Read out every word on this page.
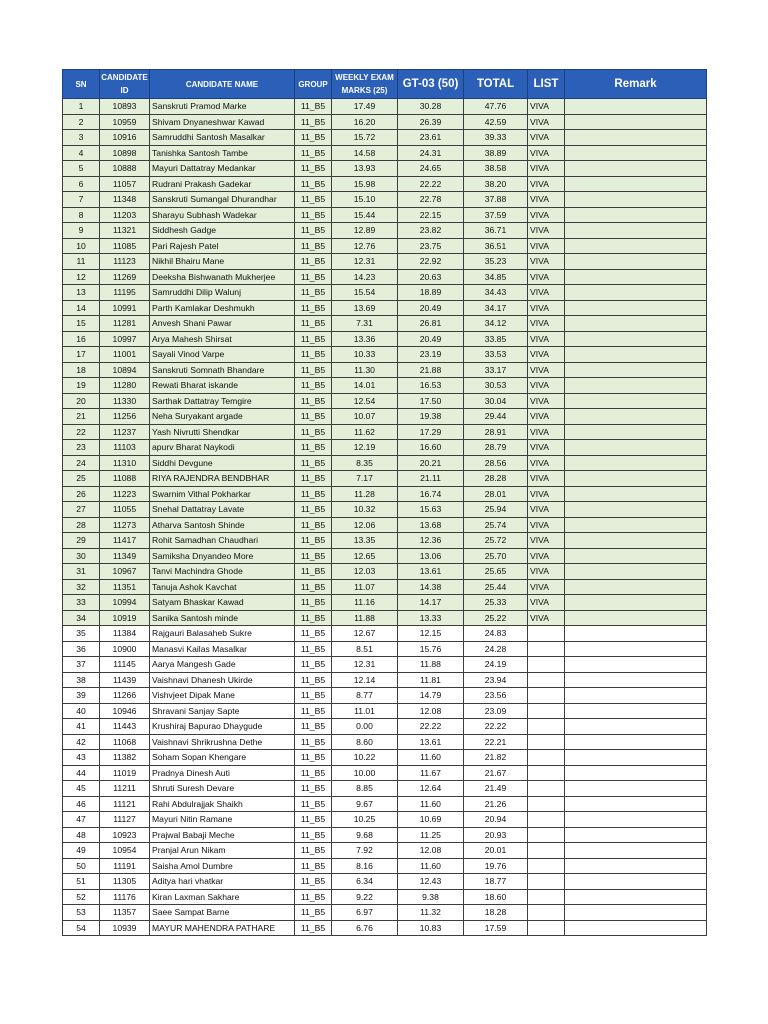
SN	CANDIDATE ID	CANDIDATE NAME	GROUP	WEEKLY EXAM MARKS (25)	GT-03 (50)	TOTAL	LIST	Remark
1	10893	Sanskruti Pramod Marke	11_B5	17.49	30.28	47.76	VIVA	
2	10959	Shivam Dnyaneshwar Kawad	11_B5	16.20	26.39	42.59	VIVA	
3	10916	Samruddhi Santosh Masalkar	11_B5	15.72	23.61	39.33	VIVA	
4	10898	Tanishka Santosh Tambe	11_B5	14.58	24.31	38.89	VIVA	
5	10888	Mayuri Dattatray Medankar	11_B5	13.93	24.65	38.58	VIVA	
6	11057	Rudrani Prakash Gadekar	11_B5	15.98	22.22	38.20	VIVA	
7	11348	Sanskruti Sumangal Dhurandhar	11_B5	15.10	22.78	37.88	VIVA	
8	11203	Sharayu Subhash Wadekar	11_B5	15.44	22.15	37.59	VIVA	
9	11321	Siddhesh Gadge	11_B5	12.89	23.82	36.71	VIVA	
10	11085	Pari Rajesh Patel	11_B5	12.76	23.75	36.51	VIVA	
11	11123	Nikhil Bhairu Mane	11_B5	12.31	22.92	35.23	VIVA	
12	11269	Deeksha Bishwanath Mukherjee	11_B5	14.23	20.63	34.85	VIVA	
13	11195	Samruddhi Dilip Walunj	11_B5	15.54	18.89	34.43	VIVA	
14	10991	Parth Kamlakar Deshmukh	11_B5	13.69	20.49	34.17	VIVA	
15	11281	Anvesh Shani Pawar	11_B5	7.31	26.81	34.12	VIVA	
16	10997	Arya Mahesh Shirsat	11_B5	13.36	20.49	33.85	VIVA	
17	11001	Sayali Vinod Varpe	11_B5	10.33	23.19	33.53	VIVA	
18	10894	Sanskruti Somnath Bhandare	11_B5	11.30	21.88	33.17	VIVA	
19	11280	Rewati Bharat iskande	11_B5	14.01	16.53	30.53	VIVA	
20	11330	Sarthak Dattatray Temgire	11_B5	12.54	17.50	30.04	VIVA	
21	11256	Neha Suryakant argade	11_B5	10.07	19.38	29.44	VIVA	
22	11237	Yash Nivrutti Shendkar	11_B5	11.62	17.29	28.91	VIVA	
23	11103	apurv Bharat Naykodi	11_B5	12.19	16.60	28.79	VIVA	
24	11310	Siddhi Devgune	11_B5	8.35	20.21	28.56	VIVA	
25	11088	RIYA RAJENDRA BENDBHAR	11_B5	7.17	21.11	28.28	VIVA	
26	11223	Swarnim Vithal Pokharkar	11_B5	11.28	16.74	28.01	VIVA	
27	11055	Snehal Dattatray Lavate	11_B5	10.32	15.63	25.94	VIVA	
28	11273	Atharva Santosh Shinde	11_B5	12.06	13.68	25.74	VIVA	
29	11417	Rohit Samadhan Chaudhari	11_B5	13.35	12.36	25.72	VIVA	
30	11349	Samiksha Dnyandeo More	11_B5	12.65	13.06	25.70	VIVA	
31	10967	Tanvi Machindra Ghode	11_B5	12.03	13.61	25.65	VIVA	
32	11351	Tanuja Ashok Kavchat	11_B5	11.07	14.38	25.44	VIVA	
33	10994	Satyam Bhaskar Kawad	11_B5	11.16	14.17	25.33	VIVA	
34	10919	Sanika Santosh minde	11_B5	11.88	13.33	25.22	VIVA	
35	11384	Rajgauri Balasaheb Sukre	11_B5	12.67	12.15	24.83		
36	10900	Manasvi Kailas Masalkar	11_B5	8.51	15.76	24.28		
37	11145	Aarya Mangesh Gade	11_B5	12.31	11.88	24.19		
38	11439	Vaishnavi Dhanesh Ukirde	11_B5	12.14	11.81	23.94		
39	11266	Vishvjeet Dipak Mane	11_B5	8.77	14.79	23.56		
40	10946	Shravani Sanjay Sapte	11_B5	11.01	12.08	23.09		
41	11443	Krushiraj Bapurao Dhaygude	11_B5	0.00	22.22	22.22		
42	11068	Vaishnavi Shrikrushna Dethe	11_B5	8.60	13.61	22.21		
43	11382	Soham Sopan Khengare	11_B5	10.22	11.60	21.82		
44	11019	Pradnya Dinesh Auti	11_B5	10.00	11.67	21.67		
45	11211	Shruti Suresh Devare	11_B5	8.85	12.64	21.49		
46	11121	Rahi Abdulrajjak Shaikh	11_B5	9.67	11.60	21.26		
47	11127	Mayuri Nitin Ramane	11_B5	10.25	10.69	20.94		
48	10923	Prajwal Babaji Meche	11_B5	9.68	11.25	20.93		
49	10954	Pranjal Arun Nikam	11_B5	7.92	12.08	20.01		
50	11191	Saisha Amol Dumbre	11_B5	8.16	11.60	19.76		
51	11305	Aditya hari vhatkar	11_B5	6.34	12.43	18.77		
52	11176	Kiran Laxman Sakhare	11_B5	9.22	9.38	18.60		
53	11357	Saee Sampat Barne	11_B5	6.97	11.32	18.28		
54	10939	MAYUR MAHENDRA PATHARE	11_B5	6.76	10.83	17.59		
